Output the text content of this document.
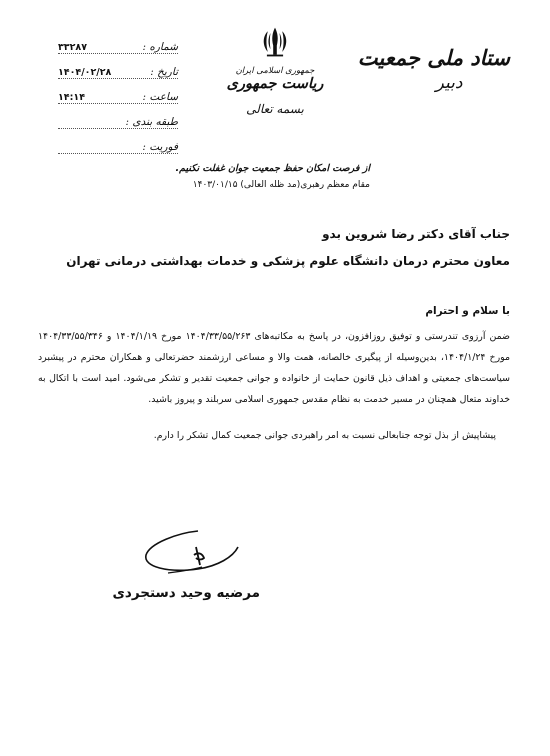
شماره :
۳۳۲۸۷
تاریخ :
۱۴۰۴/۰۲/۲۸
ساعت :
۱۴:۱۴
طبقه بندی :
فوریت :
جمهوری اسلامی ایران
ریاست جمهوری
بسمه تعالی
ستاد ملی جمعیت
دبیر
از فرصت امکان حفظ جمعیت جوان غفلت نکنیم.
مقام معظم رهبری(مد ظله العالی) ۱۴۰۳/۰۱/۱۵
جناب آقای دکتر رضا شروین بدو
معاون محترم درمان دانشگاه علوم پزشکی و خدمات بهداشتی درمانی تهران
با سلام و احترام
ضمن آرزوی تندرستی و توفیق روزافزون، در پاسخ به مکاتبه‌های ۱۴۰۴/۳۳/۵۵/۲۶۳ مورخ ۱۴۰۴/۱/۱۹ و ۱۴۰۴/۳۳/۵۵/۳۴۶ مورخ ۱۴۰۴/۱/۲۴، بدین‌وسیله از پیگیری خالصانه، همت والا و مساعی ارزشمند حضرتعالی و همکاران محترم در پیشبرد سیاست‌های جمعیتی و اهداف ذیل قانون حمایت از خانواده و جوانی جمعیت تقدیر و تشکر می‌شود. امید است با اتکال به خداوند متعال همچنان در مسیر خدمت به نظام مقدس جمهوری اسلامی سربلند و پیروز باشید.
پیشاپیش از بذل توجه جنابعالی نسبت به امر راهبردی جوانی جمعیت کمال تشکر را دارم.
مرضیه وحید دستجردی
